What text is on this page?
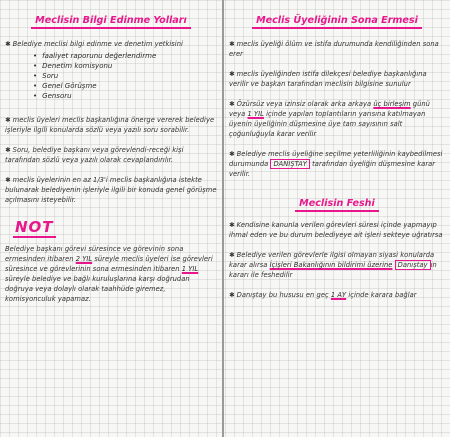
Meclisin Bilgi Edinme Yolları

✱ Belediye meclisi bilgi edinme ve denetim yetkisini

• faaliyet raporunu değerlendirme
• Denetim komisyonu
• Soru
• Genel Görüşme
• Gensoru

✱ meclis üyeleri meclis başkanlığına önerge vererek belediye işleriyle ilgili konularda sözlü veya yazılı soru sorabilir.

✱ Soru, belediye başkanı veya görevlendi-receği kişi tarafından sözlü veya yazılı olarak cevaplandırılır.

✱ meclis üyelerinin en az 1/3'i meclis başkanlığına istekte bulunarak belediyenin işleriyle ilgili bir konuda genel görüşme açılmasını isteyebilir.

NOT

Belediye başkanı görevi süresince ve görevinin sona ermesinden itibaren 2 YIL süreyle meclis üyeleri ise görevleri süresince ve görevlerinin sona ermesinden itibaren 1 YIL süreyle belediye ve bağlı kuruluşlarına karşı doğrudan doğruya veya dolaylı olarak taahhüde giremez, komisyonculuk yapamaz.

Meclis Üyeliğinin Sona Ermesi

✱ meclis üyeliği ölüm ve istifa durumunda kendiliğinden sona erer

✱ meclis üyeliğinden istifa dilekçesi belediye başkanlığına verilir ve başkan tarafından meclisin bilgisine sunulur

✱ Özürsüz veya izinsiz olarak arka arkaya üç birleşim günü veya 1 YIL içinde yapılan toplantıların yarısına katılmayan üyenin üyeliğinin düşmesine üye tam sayısının salt çoğunluğuyla karar verilir

✱ Belediye meclis üyeliğine seçilme yeterliliğinin kaybedilmesi durumunda DANIŞTAY tarafından üyeliğin düşmesine karar verilir.

Meclisin Feshi

✱ Kendisine kanunla verilen görevleri süresi içinde yapmayıp ihmal eden ve bu durum belediyeye ait işleri sekteye uğratırsa

✱ Belediye verilen görevlerle ilgisi olmayan siyasi konularda karar alırsa İçişleri Bakanlığının bildirimi üzerine Danıştay ın kararı ile feshedilir

✱ Danıştay bu hususu en geç 1 AY içinde karara bağlar
